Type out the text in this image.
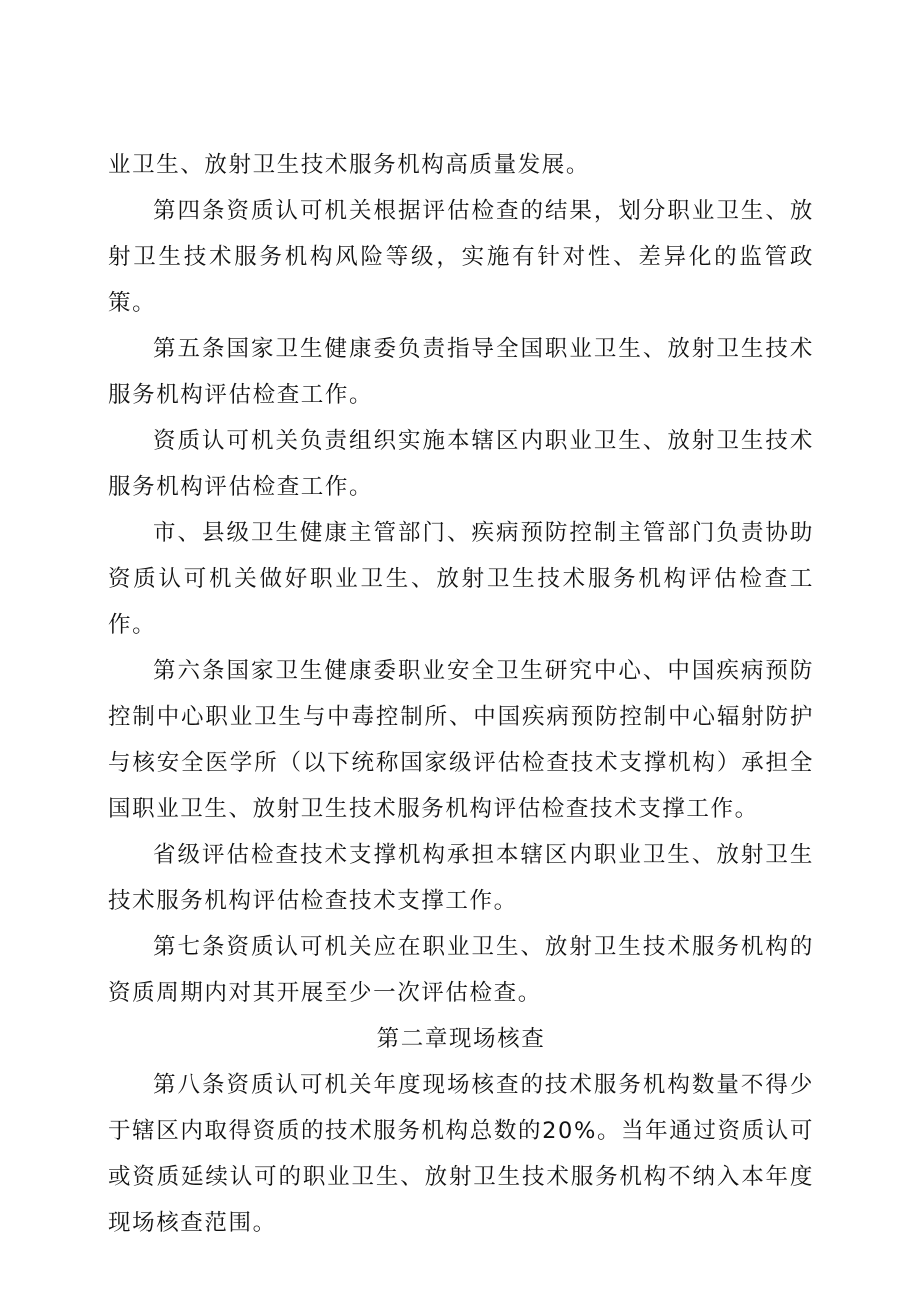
业卫生、放射卫生技术服务机构高质量发展。

第四条资质认可机关根据评估检查的结果，划分职业卫生、放射卫生技术服务机构风险等级，实施有针对性、差异化的监管政策。

第五条国家卫生健康委负责指导全国职业卫生、放射卫生技术服务机构评估检查工作。

资质认可机关负责组织实施本辖区内职业卫生、放射卫生技术服务机构评估检查工作。

市、县级卫生健康主管部门、疾病预防控制主管部门负责协助资质认可机关做好职业卫生、放射卫生技术服务机构评估检查工作。

第六条国家卫生健康委职业安全卫生研究中心、中国疾病预防控制中心职业卫生与中毒控制所、中国疾病预防控制中心辐射防护与核安全医学所（以下统称国家级评估检查技术支撑机构）承担全国职业卫生、放射卫生技术服务机构评估检查技术支撑工作。

省级评估检查技术支撑机构承担本辖区内职业卫生、放射卫生技术服务机构评估检查技术支撑工作。

第七条资质认可机关应在职业卫生、放射卫生技术服务机构的资质周期内对其开展至少一次评估检查。

第二章现场核查

第八条资质认可机关年度现场核查的技术服务机构数量不得少于辖区内取得资质的技术服务机构总数的20%。当年通过资质认可或资质延续认可的职业卫生、放射卫生技术服务机构不纳入本年度现场核查范围。
